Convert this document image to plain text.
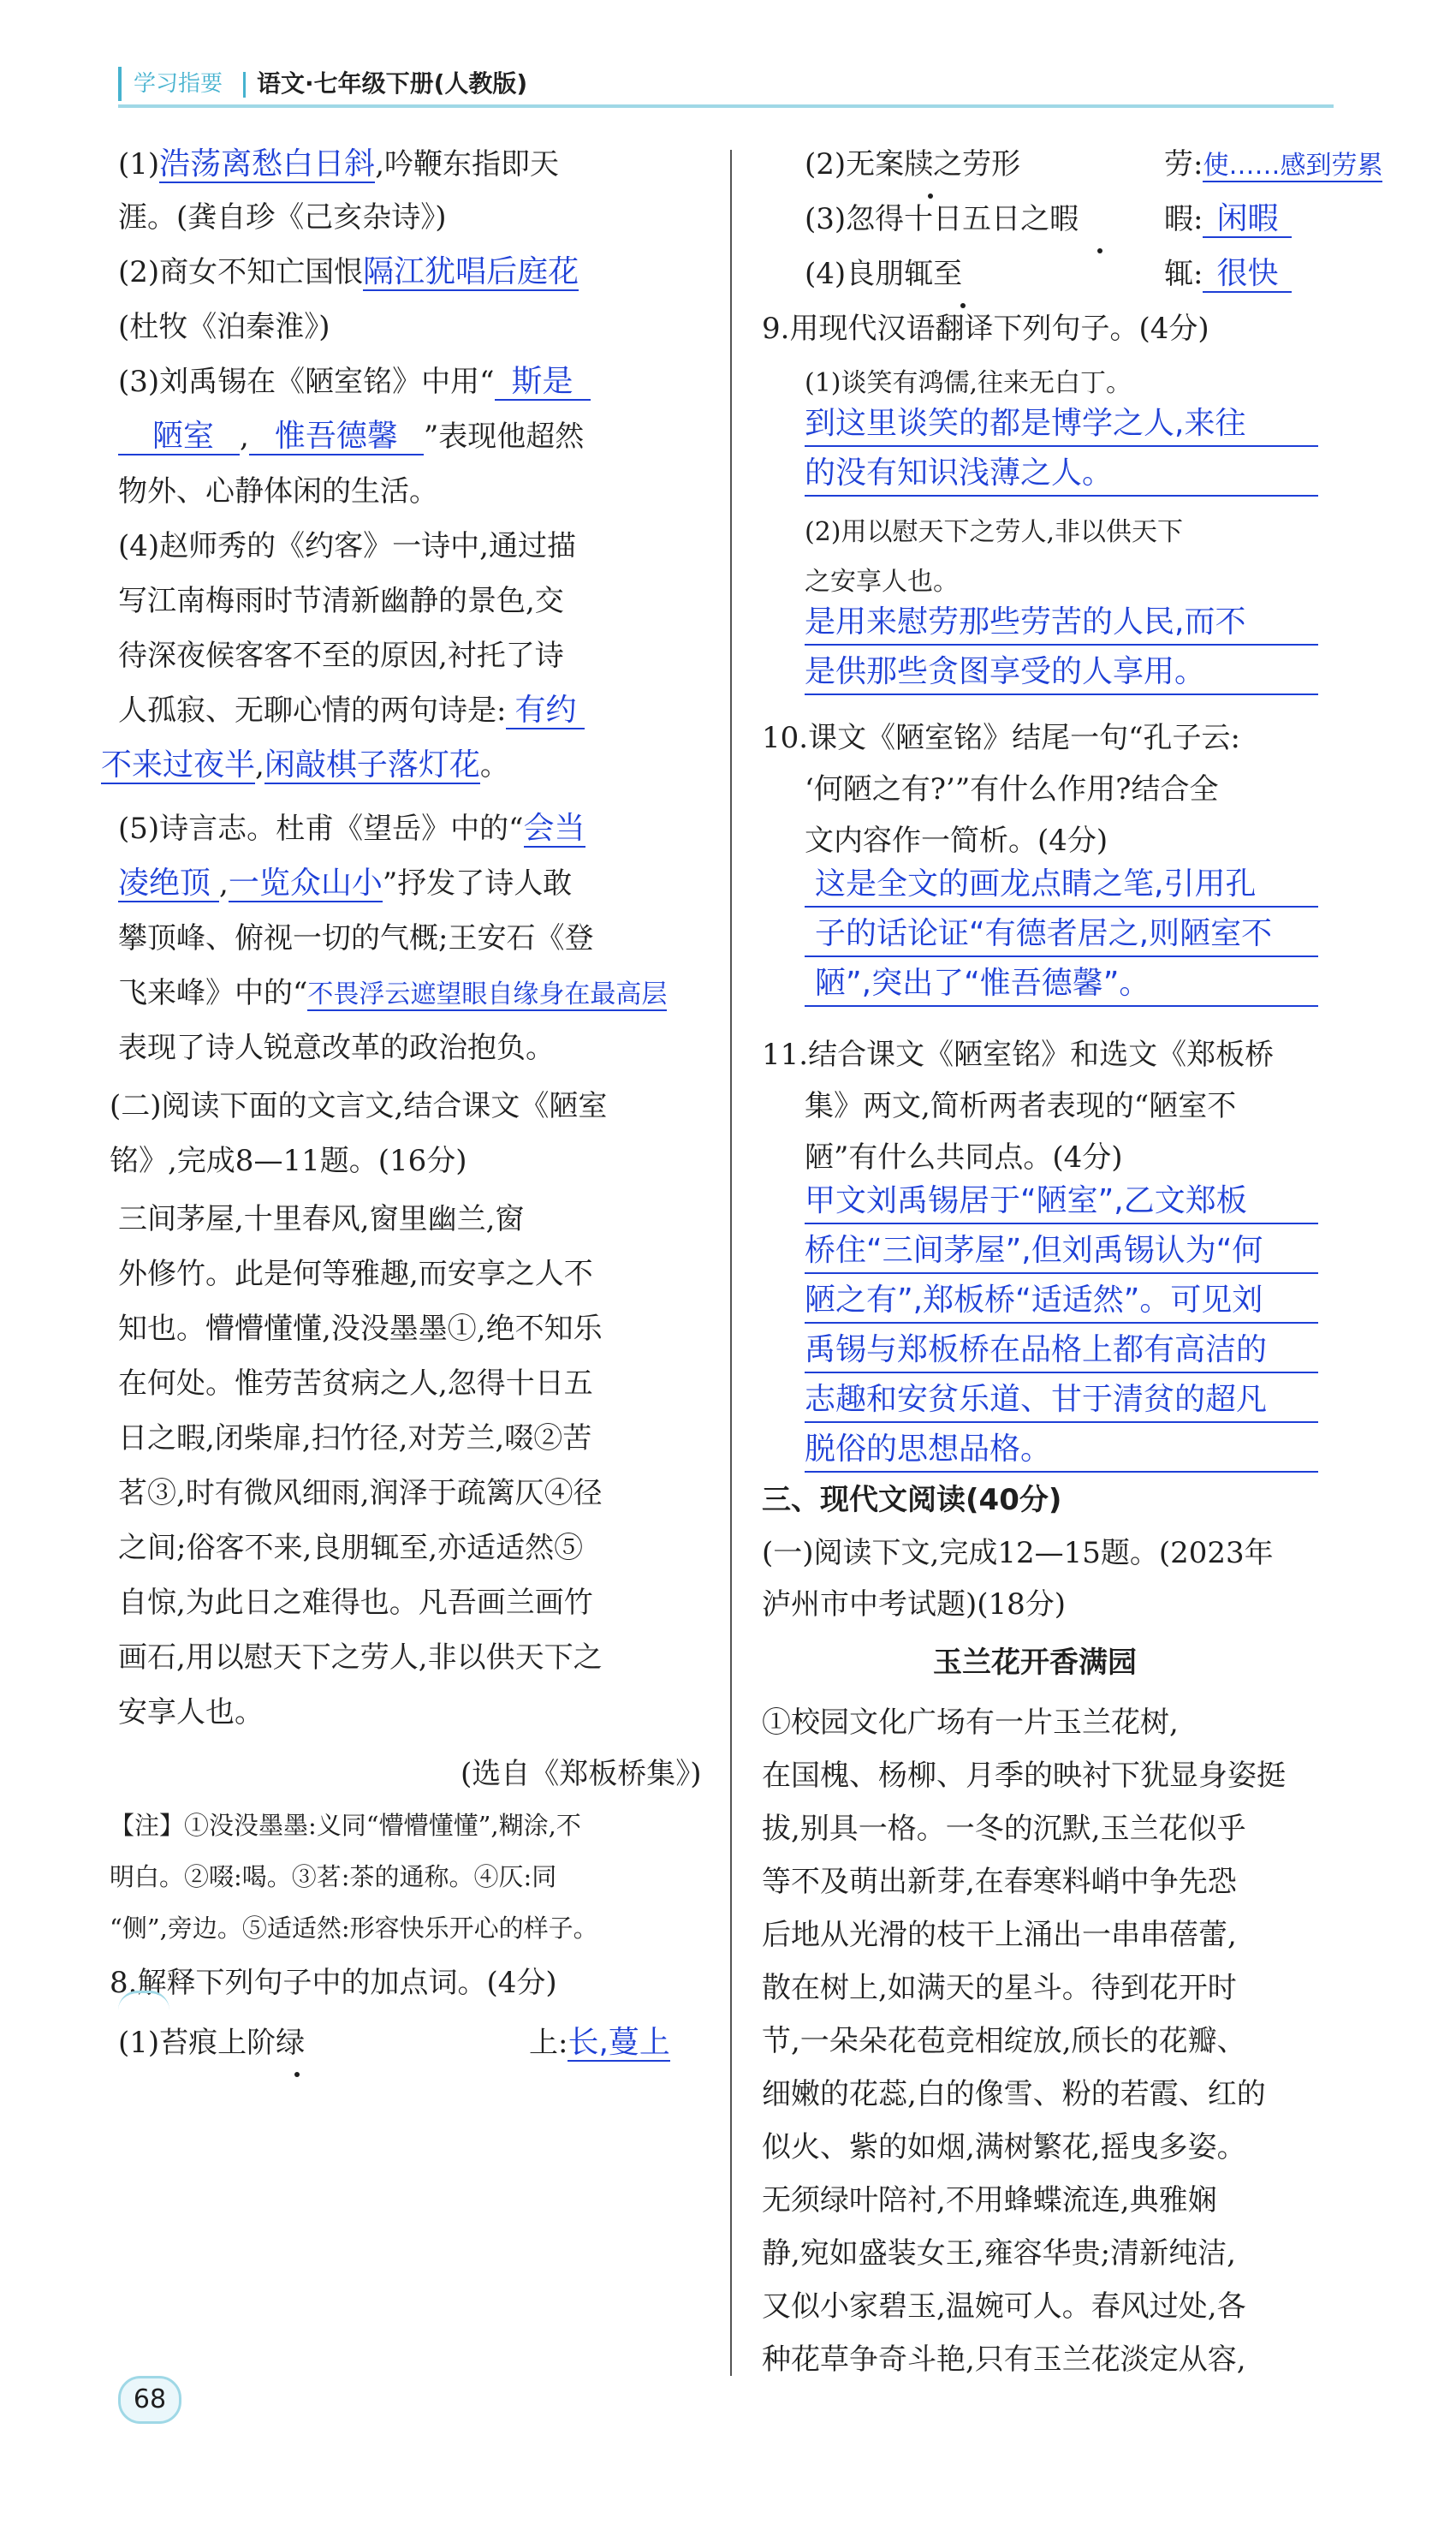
学习指要	语文·七年级下册(人教版)
(1)浩荡离愁白日斜,吟鞭东指即天
涯。(龚自珍《己亥杂诗》)
(2)商女不知亡国恨隔江犹唱后庭花
(杜牧《泊秦淮》)
(3)刘禹锡在《陋室铭》中用“ 斯是
陋室 , 惟吾德馨 ”表现他超然
物外、心静体闲的生活。
(4)赵师秀的《约客》一诗中,通过描
写江南梅雨时节清新幽静的景色,交
待深夜候客客不至的原因,衬托了诗
人孤寂、无聊心情的两句诗是: 有约
不来过夜半,闲敲棋子落灯花。
(5)诗言志。杜甫《望岳》中的“会当
凌绝顶 ,一览众山小”抒发了诗人敢
攀顶峰、俯视一切的气概;王安石《登
飞来峰》中的“不畏浮云遮望眼自缘身在最高层
表现了诗人锐意改革的政治抱负。
(二)阅读下面的文言文,结合课文《陋室
铭》,完成8—11题。(16分)
三间茅屋,十里春风,窗里幽兰,窗
外修竹。此是何等雅趣,而安享之人不
知也。懵懵懂懂,没没墨墨①,绝不知乐
在何处。惟劳苦贫病之人,忽得十日五
日之暇,闭柴扉,扫竹径,对芳兰,啜②苦
茗③,时有微风细雨,润泽于疏篱仄④径
之间;俗客不来,良朋辄至,亦适适然⑤
自惊,为此日之难得也。凡吾画兰画竹
画石,用以慰天下之劳人,非以供天下之
安享人也。
(选自《郑板桥集》)
【注】①没没墨墨:义同“懵懵懂懂”,糊涂,不
明白。②啜:喝。③茗:茶的通称。④仄:同
“侧”,旁边。⑤适适然:形容快乐开心的样子。
8.解释下列句子中的加点词。(4分)
(1)苔痕上阶绿	上:长,蔓上
(2)无案牍之劳形	劳:使……感到劳累
(3)忽得十日五日之暇	暇: 闲暇
(4)良朋辄至	辄: 很快
9.用现代汉语翻译下列句子。(4分)
(1)谈笑有鸿儒,往来无白丁。
到这里谈笑的都是博学之人,来往
的没有知识浅薄之人。
(2)用以慰天下之劳人,非以供天下
之安享人也。
是用来慰劳那些劳苦的人民,而不
是供那些贪图享受的人享用。
10.课文《陋室铭》结尾一句“孔子云:
‘何陋之有?’”有什么作用?结合全
文内容作一简析。(4分)
这是全文的画龙点睛之笔,引用孔
子的话论证“有德者居之,则陋室不
陋”,突出了“惟吾德馨”。
11.结合课文《陋室铭》和选文《郑板桥
集》两文,简析两者表现的“陋室不
陋”有什么共同点。(4分)
甲文刘禹锡居于“陋室”,乙文郑板
桥住“三间茅屋”,但刘禹锡认为“何
陋之有”,郑板桥“适适然”。可见刘
禹锡与郑板桥在品格上都有高洁的
志趣和安贫乐道、甘于清贫的超凡
脱俗的思想品格。
三、现代文阅读(40分)
(一)阅读下文,完成12—15题。(2023年
泸州市中考试题)(18分)
玉兰花开香满园
①校园文化广场有一片玉兰花树,
在国槐、杨柳、月季的映衬下犹显身姿挺
拔,别具一格。一冬的沉默,玉兰花似乎
等不及萌出新芽,在春寒料峭中争先恐
后地从光滑的枝干上涌出一串串蓓蕾,
散在树上,如满天的星斗。待到花开时
节,一朵朵花苞竞相绽放,颀长的花瓣、
细嫩的花蕊,白的像雪、粉的若霞、红的
似火、紫的如烟,满树繁花,摇曳多姿。
无须绿叶陪衬,不用蜂蝶流连,典雅娴
静,宛如盛装女王,雍容华贵;清新纯洁,
又似小家碧玉,温婉可人。春风过处,各
种花草争奇斗艳,只有玉兰花淡定从容,
68
